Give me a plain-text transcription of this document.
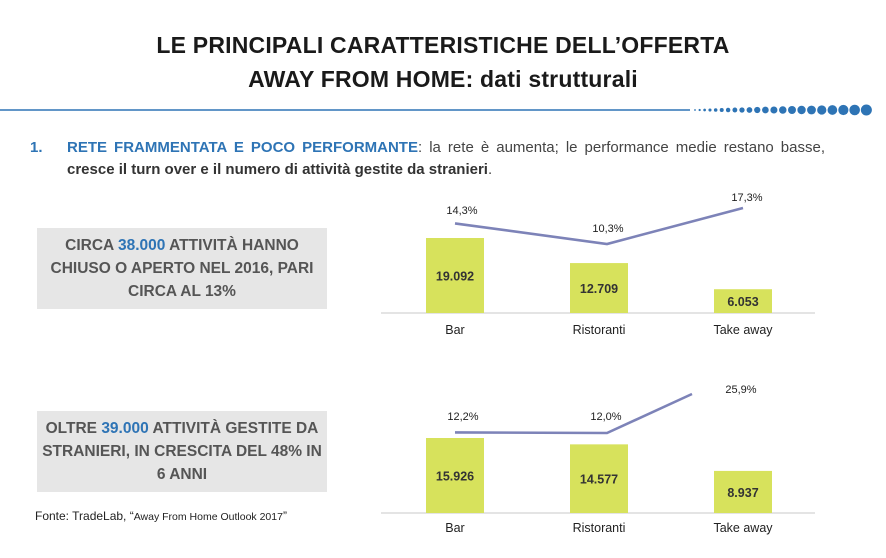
LE PRINCIPALI CARATTERISTICHE DELL’OFFERTA
AWAY FROM HOME: dati strutturali
1. RETE FRAMMENTATA E POCO PERFORMANTE: la rete è aumenta; le performance medie restano basse, cresce il turn over e il numero di attività gestite da stranieri.
CIRCA 38.000 ATTIVITÀ HANNO CHIUSO O APERTO NEL 2016, PARI CIRCA AL 13%
OLTRE 39.000 ATTIVITÀ GESTITE DA STRANIERI, IN CRESCITA DEL 48% IN 6 ANNI
Fonte: TradeLab, “Away From Home Outlook 2017”
19.092
Bar
12.709
Ristoranti
6.053
Take away
14,3%
10,3%
17,3%
15.926
Bar
14.577
Ristoranti
8.937
Take away
12,2%	12,0%
25,9%
